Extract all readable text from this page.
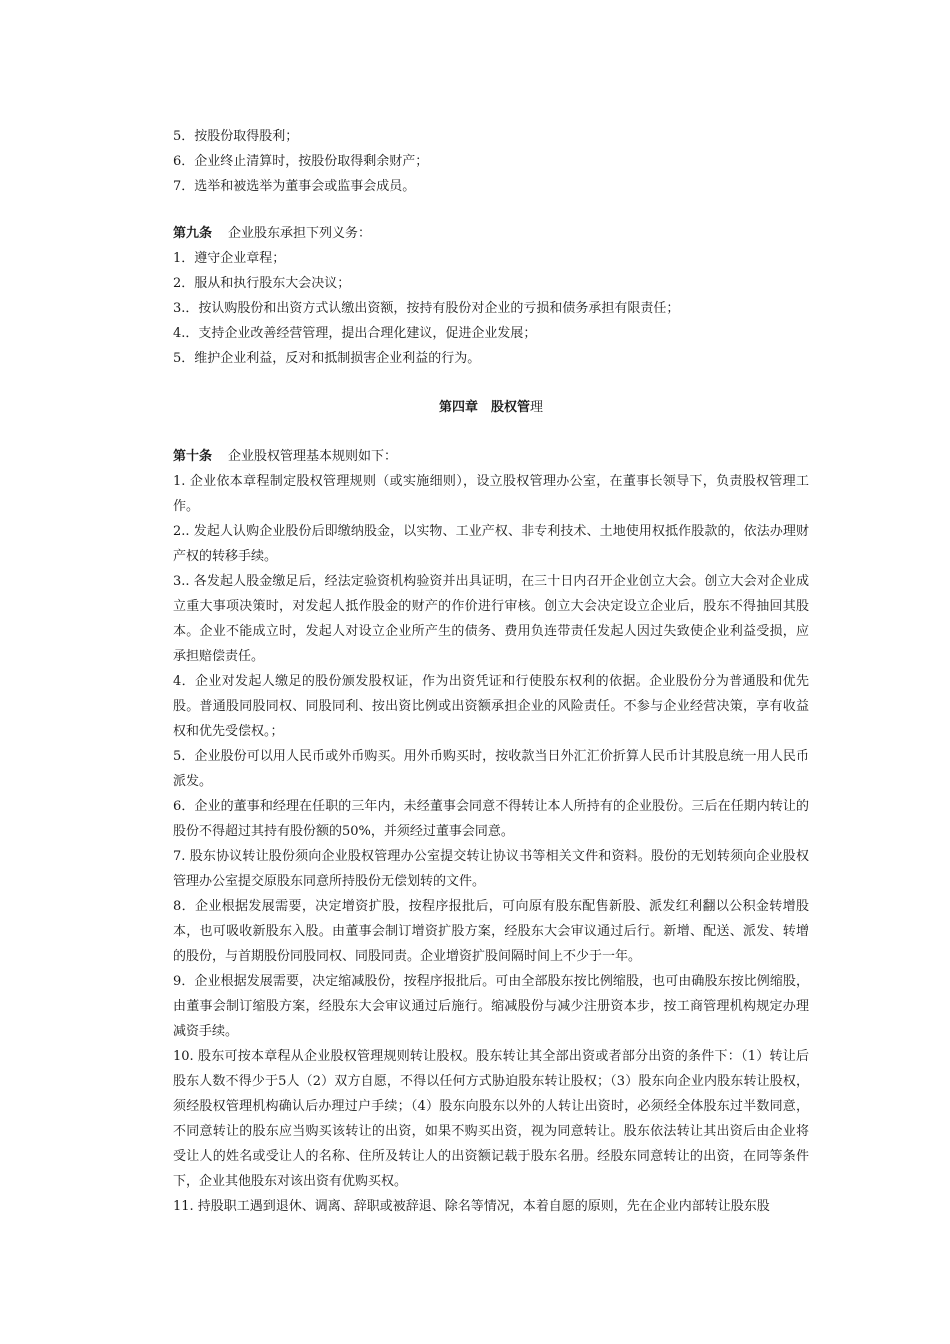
5．按股份取得股利；
6．企业终止清算时，按股份取得剩余财产；
7．选举和被选举为董事会或监事会成员。
第九条 企业股东承担下列义务：
1．遵守企业章程；
2．服从和执行股东大会决议；
3.．按认购股份和出资方式认缴出资额，按持有股份对企业的亏损和债务承担有限责任；
4.．支持企业改善经营管理，提出合理化建议，促进企业发展；
5．维护企业利益，反对和抵制损害企业利益的行为。
第四章　股权管理
第十条 企业股权管理基本规则如下：

1. 企业依本章程制定股权管理规则（或实施细则），设立股权管理办公室，在董事长领导下，负责股权管理工作。

2.. 发起人认购企业股份后即缴纳股金，以实物、工业产权、非专利技术、土地使用权抵作股款的，依法办理财产权的转移手续。

3.. 各发起人股金缴足后，经法定验资机构验资并出具证明，在三十日内召开企业创立大会。创立大会对企业成立重大事项决策时，对发起人抵作股金的财产的作价进行审核。创立大会决定设立企业后，股东不得抽回其股本。企业不能成立时，发起人对设立企业所产生的债务、费用负连带责任发起人因过失致使企业利益受损，应承担赔偿责任。

4．企业对发起人缴足的股份颁发股权证，作为出资凭证和行使股东权利的依据。企业股份分为普通股和优先股。普通股同股同权、同股同利、按出资比例或出资额承担企业的风险责任。不参与企业经营决策，享有收益权和优先受偿权。；

5．企业股份可以用人民币或外币购买。用外币购买时，按收款当日外汇汇价折算人民币计其股息统一用人民币派发。

6．企业的董事和经理在任职的三年内，未经董事会同意不得转让本人所持有的企业股份。三后在任期内转让的股份不得超过其持有股份额的50%，并须经过董事会同意。

7. 股东协议转让股份须向企业股权管理办公室提交转让协议书等相关文件和资料。股份的无划转须向企业股权管理办公室提交原股东同意所持股份无偿划转的文件。

8．企业根据发展需要，决定增资扩股，按程序报批后，可向原有股东配售新股、派发红利翻以公积金转增股本，也可吸收新股东入股。由董事会制订增资扩股方案，经股东大会审议通过后行。新增、配送、派发、转增的股份，与首期股份同股同权、同股同责。企业增资扩股间隔时间上不少于一年。

9．企业根据发展需要，决定缩减股份，按程序报批后。可由全部股东按比例缩股，也可由确股东按比例缩股，由董事会制订缩股方案，经股东大会审议通过后施行。缩减股份与减少注册资本步，按工商管理机构规定办理减资手续。

10. 股东可按本章程从企业股权管理规则转让股权。股东转让其全部出资或者部分出资的条件下：（1）转让后股东人数不得少于5人（2）双方自愿，不得以任何方式胁迫股东转让股权；（3）股东向企业内股东转让股权，须经股权管理机构确认后办理过户手续；（4）股东向股东以外的人转让出资时，必须经全体股东过半数同意，不同意转让的股东应当购买该转让的出资，如果不购买出资，视为同意转让。股东依法转让其出资后由企业将受让人的姓名或受让人的名称、住所及转让人的出资额记载于股东名册。经股东同意转让的出资，在同等条件下，企业其他股东对该出资有优购买权。

11. 持股职工遇到退休、调离、辞职或被辞退、除名等情况，本着自愿的原则，先在企业内部转让股东股
